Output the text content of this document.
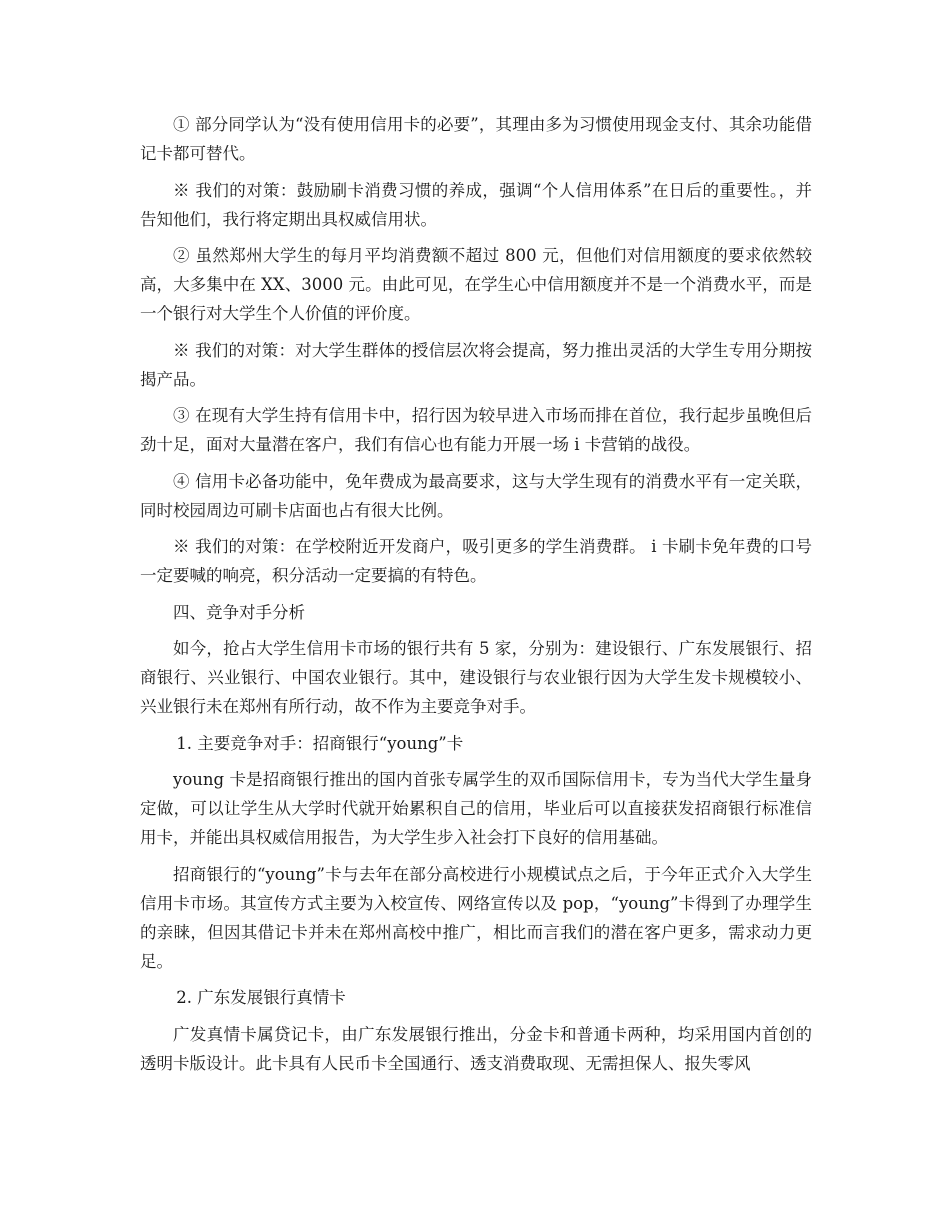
① 部分同学认为“没有使用信用卡的必要”，其理由多为习惯使用现金支付、其余功能借记卡都可替代。

※ 我们的对策：鼓励刷卡消费习惯的养成，强调“个人信用体系”在日后的重要性。，并告知他们，我行将定期出具权威信用状。

② 虽然郑州大学生的每月平均消费额不超过 800 元，但他们对信用额度的要求依然较高，大多集中在 XX、3000 元。由此可见，在学生心中信用额度并不是一个消费水平，而是一个银行对大学生个人价值的评价度。

※ 我们的对策：对大学生群体的授信层次将会提高，努力推出灵活的大学生专用分期按揭产品。

③ 在现有大学生持有信用卡中，招行因为较早进入市场而排在首位，我行起步虽晚但后劲十足，面对大量潜在客户，我们有信心也有能力开展一场 i 卡营销的战役。

④ 信用卡必备功能中，免年费成为最高要求，这与大学生现有的消费水平有一定关联，同时校园周边可刷卡店面也占有很大比例。

※ 我们的对策：在学校附近开发商户，吸引更多的学生消费群。 i 卡刷卡免年费的口号一定要喊的响亮，积分活动一定要搞的有特色。

四、竞争对手分析

如今，抢占大学生信用卡市场的银行共有 5 家，分别为：建设银行、广东发展银行、招商银行、兴业银行、中国农业银行。其中，建设银行与农业银行因为大学生发卡规模较小、兴业银行未在郑州有所行动，故不作为主要竞争对手。

1. 主要竞争对手：招商银行“young”卡

young 卡是招商银行推出的国内首张专属学生的双币国际信用卡，专为当代大学生量身定做，可以让学生从大学时代就开始累积自己的信用，毕业后可以直接获发招商银行标准信用卡，并能出具权威信用报告，为大学生步入社会打下良好的信用基础。

招商银行的“young”卡与去年在部分高校进行小规模试点之后，于今年正式介入大学生信用卡市场。其宣传方式主要为入校宣传、网络宣传以及 pop，“young”卡得到了办理学生的亲睐，但因其借记卡并未在郑州高校中推广，相比而言我们的潜在客户更多，需求动力更足。

2. 广东发展银行真情卡

广发真情卡属贷记卡，由广东发展银行推出，分金卡和普通卡两种，均采用国内首创的透明卡版设计。此卡具有人民币卡全国通行、透支消费取现、无需担保人、报失零风
